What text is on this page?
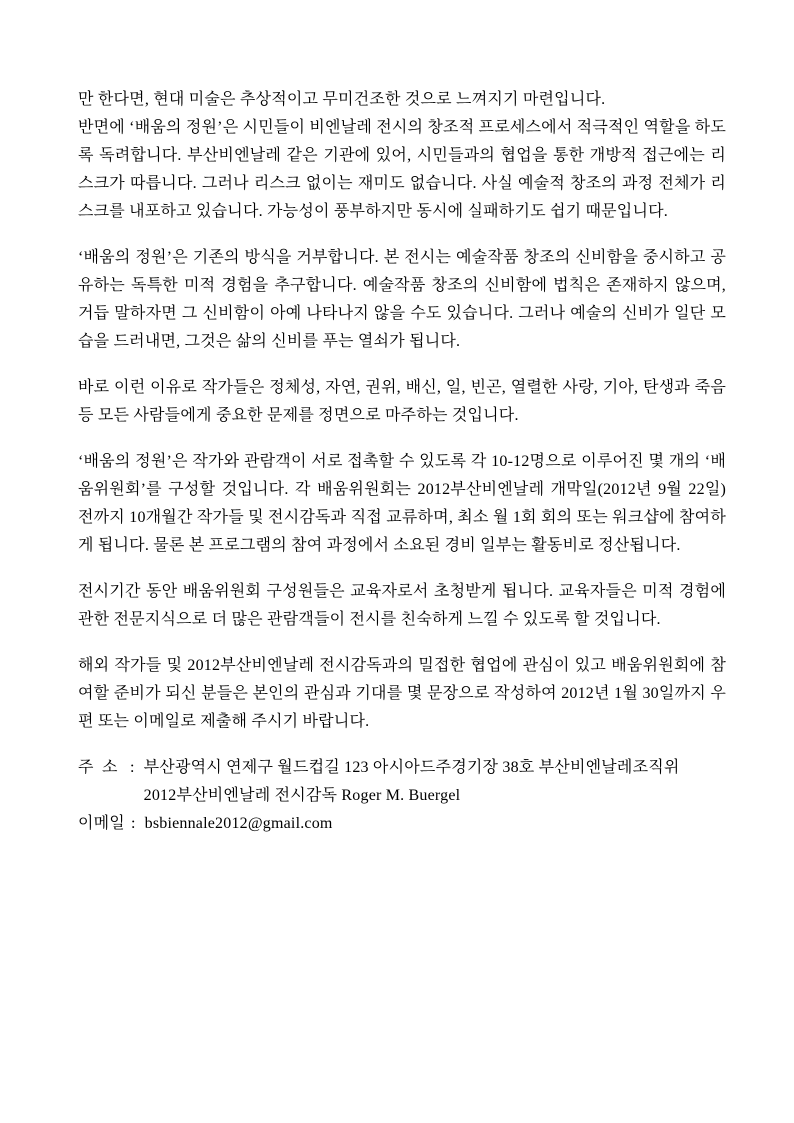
만 한다면, 현대 미술은 추상적이고 무미건조한 것으로 느껴지기 마련입니다.

반면에 ‘배움의 정원’은 시민들이 비엔날레 전시의 창조적 프로세스에서 적극적인 역할을 하도록 독려합니다. 부산비엔날레 같은 기관에 있어, 시민들과의 협업을 통한 개방적 접근에는 리스크가 따릅니다. 그러나 리스크 없이는 재미도 없습니다. 사실 예술적 창조의 과정 전체가 리스크를 내포하고 있습니다. 가능성이 풍부하지만 동시에 실패하기도 쉽기 때문입니다.

‘배움의 정원’은 기존의 방식을 거부합니다. 본 전시는 예술작품 창조의 신비함을 중시하고 공유하는 독특한 미적 경험을 추구합니다. 예술작품 창조의 신비함에 법칙은 존재하지 않으며, 거듭 말하자면 그 신비함이 아예 나타나지 않을 수도 있습니다. 그러나 예술의 신비가 일단 모습을 드러내면, 그것은 삶의 신비를 푸는 열쇠가 됩니다.

바로 이런 이유로 작가들은 정체성, 자연, 권위, 배신, 일, 빈곤, 열렬한 사랑, 기아, 탄생과 죽음 등 모든 사람들에게 중요한 문제를 정면으로 마주하는 것입니다.

‘배움의 정원’은 작가와 관람객이 서로 접촉할 수 있도록 각 10-12명으로 이루어진 몇 개의 ‘배움위원회’를 구성할 것입니다. 각 배움위원회는 2012부산비엔날레 개막일(2012년 9월 22일) 전까지 10개월간 작가들 및 전시감독과 직접 교류하며, 최소 월 1회 회의 또는 워크샵에 참여하게 됩니다. 물론 본 프로그램의 참여 과정에서 소요된 경비 일부는 활동비로 정산됩니다.

전시기간 동안 배움위원회 구성원들은 교육자로서 초청받게 됩니다. 교육자들은 미적 경험에 관한 전문지식으로 더 많은 관람객들이 전시를 친숙하게 느낄 수 있도록 할 것입니다.

해외 작가들 및 2012부산비엔날레 전시감독과의 밀접한 협업에 관심이 있고 배움위원회에 참여할 준비가 되신 분들은 본인의 관심과 기대를 몇 문장으로 작성하여 2012년 1월 30일까지 우편 또는 이메일로 제출해 주시기 바랍니다.

주  소 : 부산광역시 연제구 월드컵길 123 아시아드주경기장 38호 부산비엔날레조직위
2012부산비엔날레 전시감독 Roger M. Buergel
이메일 : bsbiennale2012@gmail.com
